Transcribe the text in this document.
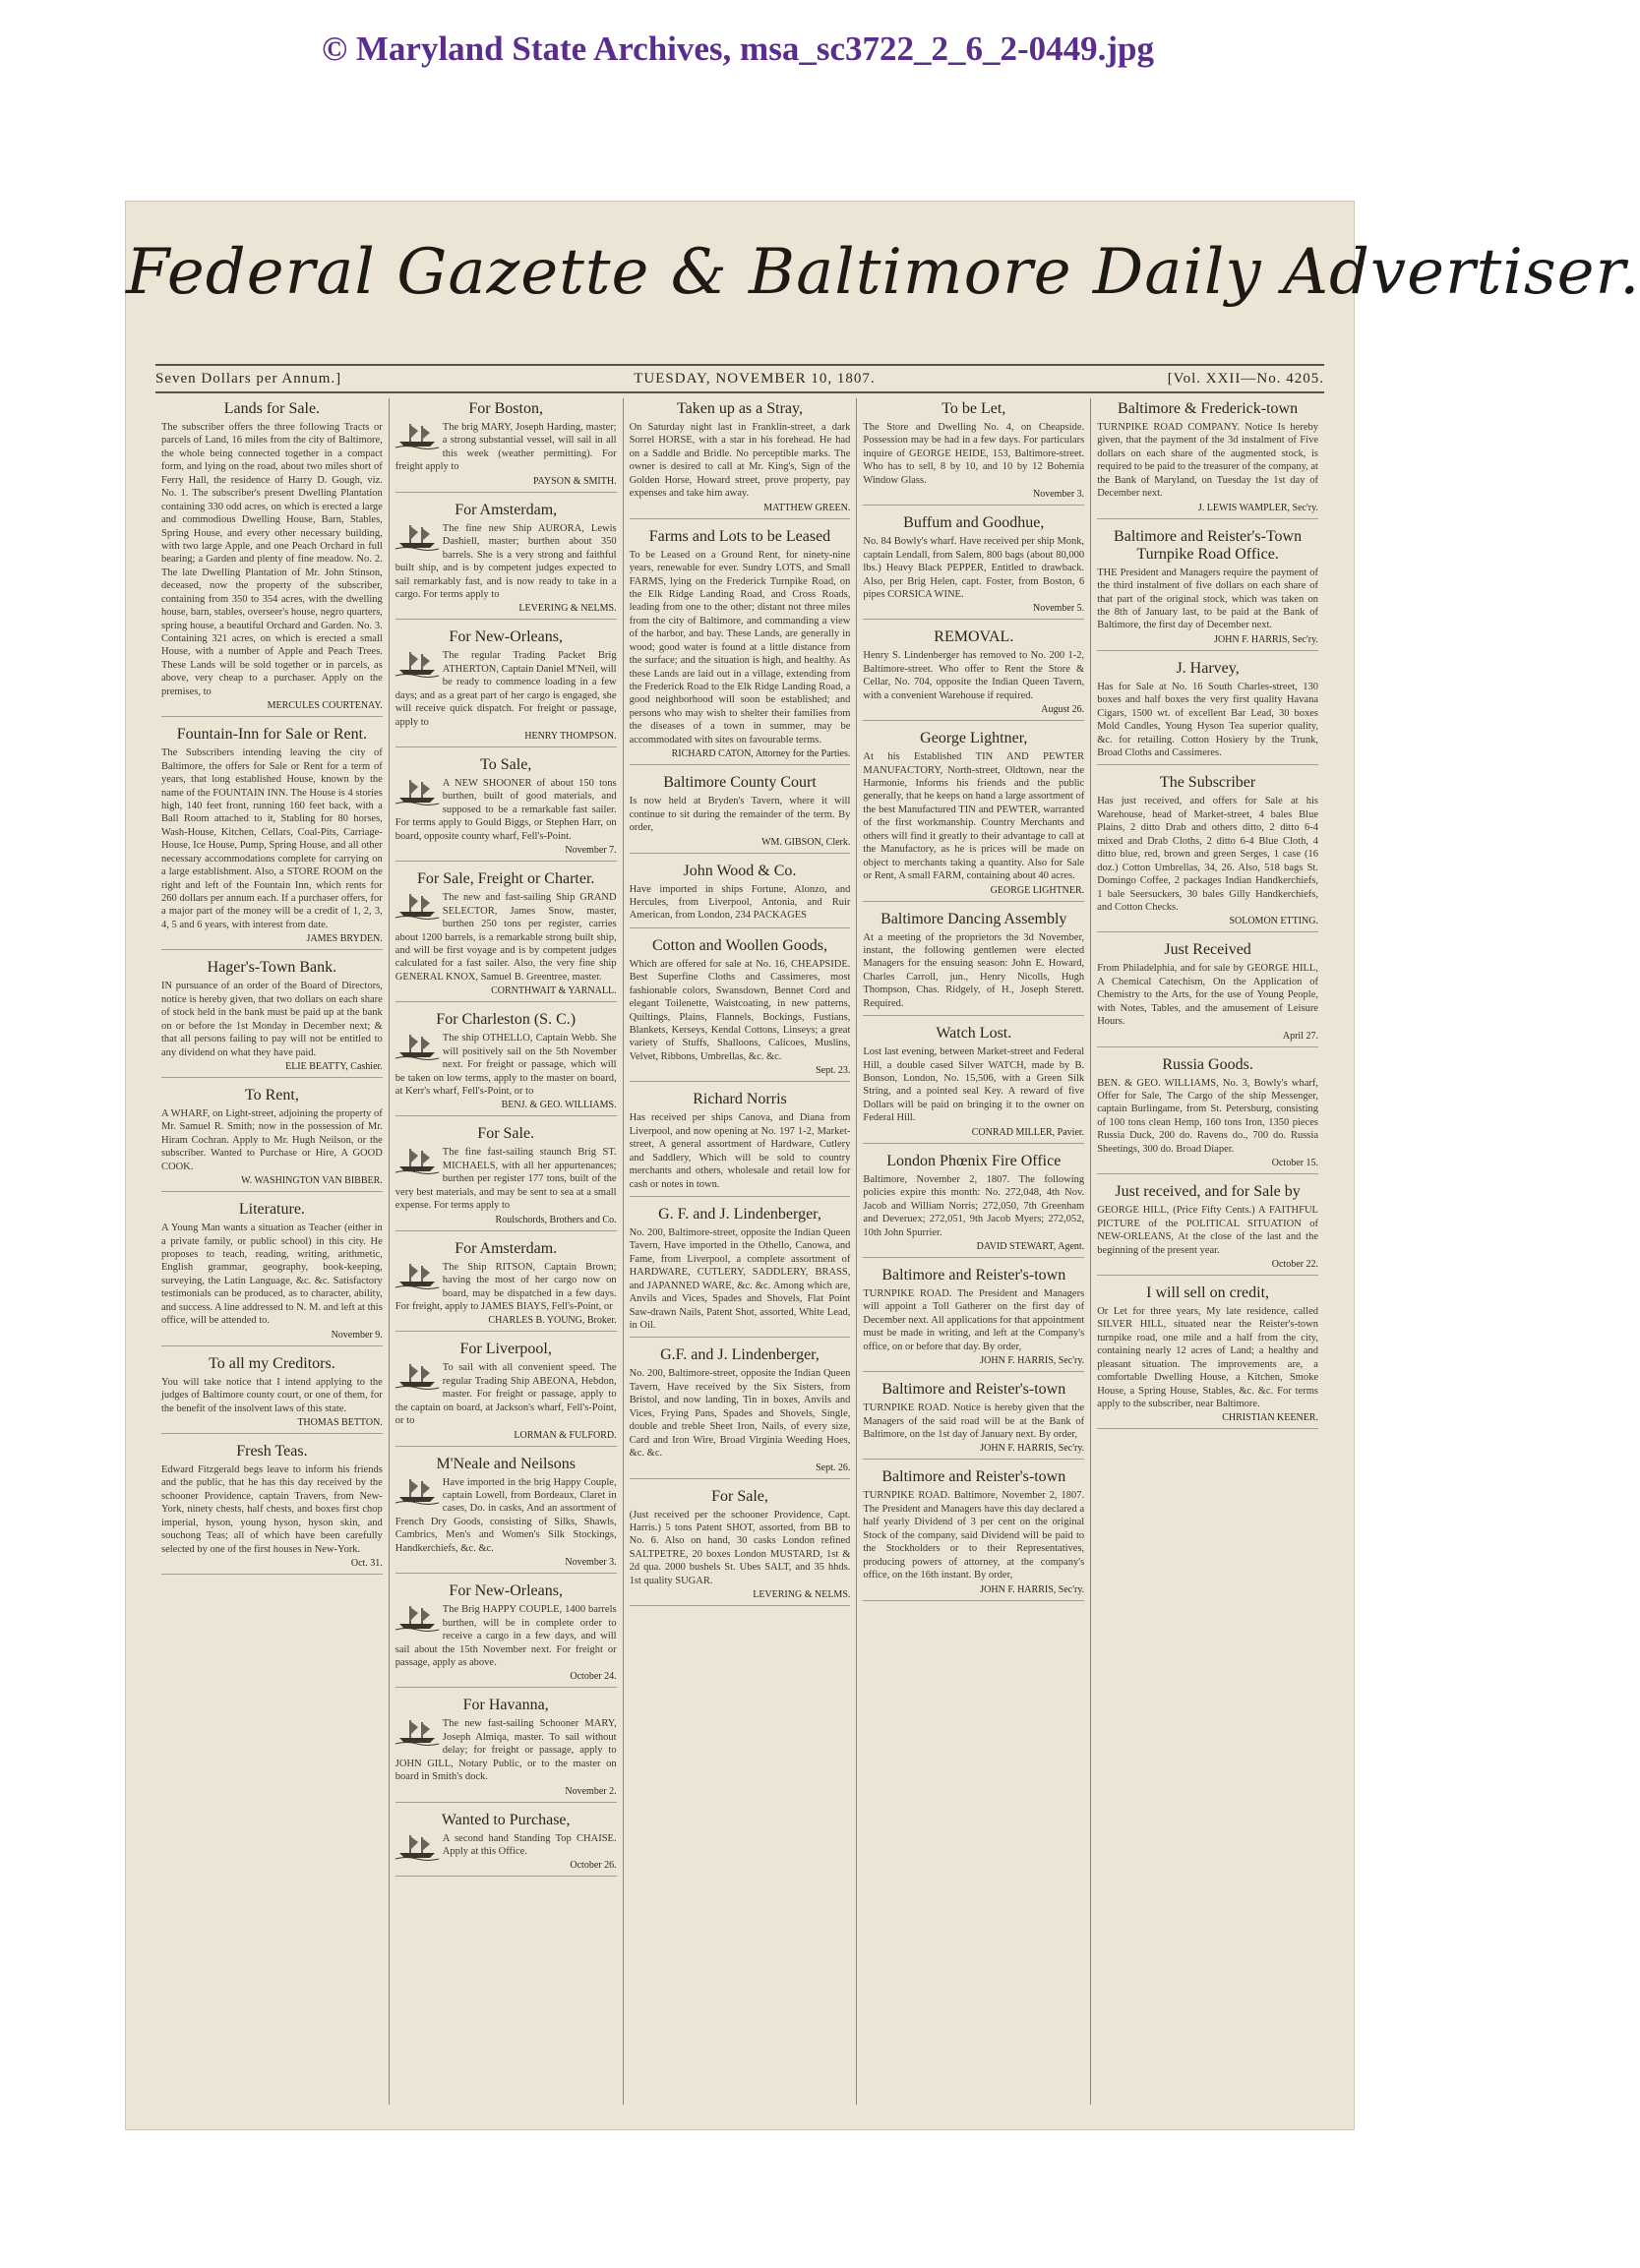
© Maryland State Archives, msa_sc3722_2_6_2-0449.jpg
Federal Gazette & Baltimore Daily Advertiser.
Seven Dollars per Annum.]	TUESDAY, NOVEMBER 10, 1807.	[Vol. XXII—No. 4205.
Lands for Sale.

The subscriber offers the three following Tracts or parcels of Land, 16 miles from the city of Baltimore, the whole being connected together in a compact form, and lying on the road, about two miles short of Ferry Hall, the residence of Harry D. Gough, viz. No. 1. The subscriber's present Dwelling Plantation containing 330 odd acres, on which is erected a large and commodious Dwelling House, Barn, Stables, Spring House, and every other necessary building, with two large Apple, and one Peach Orchard in full bearing; a Garden and plenty of fine meadow. No. 2. The late Dwelling Plantation of Mr. John Stinson, deceased, now the property of the subscriber, containing from 350 to 354 acres, with the dwelling house, barn, stables, overseer's house, negro quarters, spring house, a beautiful Orchard and Garden. No. 3. Containing 321 acres, on which is erected a small House, with a number of Apple and Peach Trees. These Lands will be sold together or in parcels, as above, very cheap to a purchaser. Apply on the premises, to

MERCULES COURTENAY.
Fountain-Inn for Sale or Rent.

The Subscribers intending leaving the city of Baltimore, the offers for Sale or Rent for a term of years, that long established House, known by the name of the FOUNTAIN INN. The House is 4 stories high, 140 feet front, running 160 feet back, with a Ball Room attached to it, Stabling for 80 horses, Wash-House, Kitchen, Cellars, Coal-Pits, Carriage-House, Ice House, Pump, Spring House, and all other necessary accommodations complete for carrying on a large establishment. Also, a STORE ROOM on the right and left of the Fountain Inn, which rents for 260 dollars per annum each. If a purchaser offers, for a major part of the money will be a credit of 1, 2, 3, 4, 5 and 6 years, with interest from date.

JAMES BRYDEN.
Hager's-Town Bank.

IN pursuance of an order of the Board of Directors, notice is hereby given, that two dollars on each share of stock held in the bank must be paid up at the bank on or before the 1st Monday in December next; & that all persons failing to pay will not be entitled to any dividend on what they have paid.

ELIE BEATTY, Cashier.
To Rent,

A WHARF, on Light-street, adjoining the property of Mr. Samuel R. Smith; now in the possession of Mr. Hiram Cochran. Apply to Mr. Hugh Neilson, or the subscriber. Wanted to Purchase or Hire, A GOOD COOK.

W. WASHINGTON VAN BIBBER.
Literature.

A Young Man wants a situation as Teacher (either in a private family, or public school) in this city. He proposes to teach, reading, writing, arithmetic, English grammar, geography, book-keeping, surveying, the Latin Language, &c. &c. Satisfactory testimonials can be produced, as to character, ability, and success. A line addressed to N. M. and left at this office, will be attended to.

November 9.
To all my Creditors.

You will take notice that I intend applying to the judges of Baltimore county court, or one of them, for the benefit of the insolvent laws of this state.

THOMAS BETTON.
Fresh Teas.

Edward Fitzgerald begs leave to inform his friends and the public, that he has this day received by the schooner Providence, captain Travers, from New-York, ninety chests, half chests, and boxes first chop imperial, hyson, young hyson, hyson skin, and souchong Teas; all of which have been carefully selected by one of the first houses in New-York.

Oct. 31.
For Boston,

The brig MARY, Joseph Harding, master; a strong substantial vessel, will sail in all this week (weather permitting). For freight apply to

PAYSON & SMITH.
For Amsterdam,

The fine new Ship AURORA, Lewis Dashiell, master; burthen about 350 barrels. She is a very strong and faithful built ship, and is by competent judges expected to sail remarkably fast, and is now ready to take in a cargo. For terms apply to

LEVERING & NELMS.
For New-Orleans,

The regular Trading Packet Brig ATHERTON, Captain Daniel M'Neil, will be ready to commence loading in a few days; and as a great part of her cargo is engaged, she will receive quick dispatch. For freight or passage, apply to

HENRY THOMPSON.
To Sale,

A NEW SHOONER of about 150 tons burthen, built of good materials, and supposed to be a remarkable fast sailer. For terms apply to Gould Biggs, or Stephen Harr, on board, opposite county wharf, Fell's-Point.

November 7.
For Sale, Freight or Charter.

The new and fast-sailing Ship GRAND SELECTOR, James Snow, master, burthen 250 tons per register, carries about 1200 barrels, is a remarkable strong built ship, and will be first voyage and is by competent judges calculated for a fast sailer. Also, the very fine ship GENERAL KNOX, Samuel B. Greentree, master.

CORNTHWAIT & YARNALL.
For Charleston (S. C.)

The ship OTHELLO, Captain Webb. She will positively sail on the 5th November next. For freight or passage, which will be taken on low terms, apply to the master on board, at Kerr's wharf, Fell's-Point, or to

BENJ. & GEO. WILLIAMS.
For Sale.

The fine fast-sailing staunch Brig ST. MICHAELS, with all her appurtenances; burthen per register 177 tons, built of the very best materials, and may be sent to sea at a small expense. For terms apply to

Roulschords, Brothers and Co.
For Amsterdam.

The Ship RITSON, Captain Brown; having the most of her cargo now on board, may be dispatched in a few days. For freight, apply to JAMES BIAYS, Fell's-Point, or

CHARLES B. YOUNG, Broker.
For Liverpool,

To sail with all convenient speed. The regular Trading Ship ABEONA, Hebdon, master. For freight or passage, apply to the captain on board, at Jackson's wharf, Fell's-Point, or to

LORMAN & FULFORD.
M'Neale and Neilsons

Have imported in the brig Happy Couple, captain Lowell, from Bordeaux, Claret in cases, Do. in casks, And an assortment of French Dry Goods, consisting of Silks, Shawls, Cambrics, Men's and Women's Silk Stockings, Handkerchiefs, &c. &c.

November 3.
For New-Orleans,

The Brig HAPPY COUPLE, 1400 barrels burthen, will be in complete order to receive a cargo in a few days, and will sail about the 15th November next. For freight or passage, apply as above.

October 24.
For Havanna,

The new fast-sailing Schooner MARY, Joseph Almiqa, master. To sail without delay; for freight or passage, apply to JOHN GILL, Notary Public, or to the master on board in Smith's dock.

November 2.
Wanted to Purchase,

A second hand Standing Top CHAISE. Apply at this Office.

October 26.
Taken up as a Stray,

On Saturday night last in Franklin-street, a dark Sorrel HORSE, with a star in his forehead. He had on a Saddle and Bridle. No perceptible marks. The owner is desired to call at Mr. King's, Sign of the Golden Horse, Howard street, prove property, pay expenses and take him away.

MATTHEW GREEN.
Farms and Lots to be Leased

To be Leased on a Ground Rent, for ninety-nine years, renewable for ever. Sundry LOTS, and Small FARMS, lying on the Frederick Turnpike Road, on the Elk Ridge Landing Road, and Cross Roads, leading from one to the other; distant not three miles from the city of Baltimore, and commanding a view of the harbor, and bay. These Lands, are generally in wood; good water is found at a little distance from the surface; and the situation is high, and healthy. As these Lands are laid out in a village, extending from the Frederick Road to the Elk Ridge Landing Road, a good neighborhood will soon be established; and persons who may wish to shelter their families from the diseases of a town in summer, may be accommodated with sites on favourable terms.

RICHARD CATON, Attorney for the Parties.
Baltimore County Court

Is now held at Bryden's Tavern, where it will continue to sit during the remainder of the term. By order,

WM. GIBSON, Clerk.
John Wood & Co.

Have imported in ships Fortune, Alonzo, and Hercules, from Liverpool, Antonia, and Ruir American, from London, 234 PACKAGES

Cotton and Woollen Goods,

Which are offered for sale at No. 16, CHEAPSIDE. Best Superfine Cloths and Cassimeres, most fashionable colors, Swansdown, Bennet Cord and elegant Toilenette, Waistcoating, in new patterns, Quiltings, Plains, Flannels, Bockings, Fustians, Blankets, Kerseys, Kendal Cottons, Linseys; a great variety of Stuffs, Shalloons, Calicoes, Muslins, Velvet, Ribbons, Umbrellas, &c. &c.

Sept. 23.
Richard Norris

Has received per ships Canova, and Diana from Liverpool, and now opening at No. 197 1-2, Market-street, A general assortment of Hardware, Cutlery and Saddlery, Which will be sold to country merchants and others, wholesale and retail low for cash or notes in town.

G. F. and J. Lindenberger,

No. 200, Baltimore-street, opposite the Indian Queen Tavern, Have imported in the Othello, Canowa, and Fame, from Liverpool, a complete assortment of HARDWARE, CUTLERY, SADDLERY, BRASS, and JAPANNED WARE, &c. &c. Among which are, Anvils and Vices, Spades and Shovels, Flat Point Saw-drawn Nails, Patent Shot, assorted, White Lead, in Oil.

G.F. and J. Lindenberger,

No. 200, Baltimore-street, opposite the Indian Queen Tavern, Have received by the Six Sisters, from Bristol, and now landing, Tin in boxes, Anvils and Vices, Frying Pans, Spades and Shovels, Single, double and treble Sheet Iron, Nails, of every size, Card and Iron Wire, Broad Virginia Weeding Hoes, &c. &c.

Sept. 26.
For Sale,

(Just received per the schooner Providence, Capt. Harris.) 5 tons Patent SHOT, assorted, from BB to No. 6. Also on hand, 30 casks London refined SALTPETRE, 20 boxes London MUSTARD, 1st & 2d qua. 2000 bushels St. Ubes SALT, and 35 hhds. 1st quality SUGAR.

LEVERING & NELMS.
To be Let,

The Store and Dwelling No. 4, on Cheapside. Possession may be had in a few days. For particulars inquire of GEORGE HEIDE, 153, Baltimore-street. Who has to sell, 8 by 10, and 10 by 12 Bohemia Window Glass.

November 3.
Buffum and Goodhue,

No. 84 Bowly's wharf. Have received per ship Monk, captain Lendall, from Salem, 800 bags (about 80,000 lbs.) Heavy Black PEPPER, Entitled to drawback. Also, per Brig Helen, capt. Foster, from Boston, 6 pipes CORSICA WINE.

November 5.
REMOVAL.

Henry S. Lindenberger has removed to No. 200 1-2, Baltimore-street. Who offer to Rent the Store & Cellar, No. 704, opposite the Indian Queen Tavern, with a convenient Warehouse if required.

August 26.
George Lightner,

At his Established TIN AND PEWTER MANUFACTORY, North-street, Oldtown, near the Harmonie, Informs his friends and the public generally, that he keeps on hand a large assortment of the best Manufactured TIN and PEWTER, warranted of the first workmanship. Country Merchants and others will find it greatly to their advantage to call at the Manufactory, as he is prices will be made on object to merchants taking a quantity. Also for Sale or Rent, A small FARM, containing about 40 acres.

GEORGE LIGHTNER.
Baltimore Dancing Assembly

At a meeting of the proprietors the 3d November, instant, the following gentlemen were elected Managers for the ensuing season: John E. Howard, Charles Carroll, jun., Henry Nicolls, Hugh Thompson, Chas. Ridgely, of H., Joseph Sterett. Required.

Watch Lost.

Lost last evening, between Market-street and Federal Hill, a double cased Silver WATCH, made by B. Bonson, London, No. 15,506, with a Green Silk String, and a pointed seal Key. A reward of five Dollars will be paid on bringing it to the owner on Federal Hill.

CONRAD MILLER, Pavier.
London Phœnix Fire Office

Baltimore, November 2, 1807. The following policies expire this month: No. 272,048, 4th Nov. Jacob and William Norris; 272,050, 7th Greenham and Deveruex; 272,051, 9th Jacob Myers; 272,052, 10th John Spurrier.

DAVID STEWART, Agent.
Baltimore and Reister's-town

TURNPIKE ROAD. The President and Managers will appoint a Toll Gatherer on the first day of December next. All applications for that appointment must be made in writing, and left at the Company's office, on or before that day. By order,

JOHN F. HARRIS, Sec'ry.
Baltimore and Reister's-town

TURNPIKE ROAD. Notice is hereby given that the Managers of the said road will be at the Bank of Baltimore, on the 1st day of January next. By order,

JOHN F. HARRIS, Sec'ry.
Baltimore and Reister's-town

TURNPIKE ROAD. Baltimore, November 2, 1807. The President and Managers have this day declared a half yearly Dividend of 3 per cent on the original Stock of the company, said Dividend will be paid to the Stockholders or to their Representatives, producing powers of attorney, at the company's office, on the 16th instant. By order,

JOHN F. HARRIS, Sec'ry.
Baltimore & Frederick-town

TURNPIKE ROAD COMPANY. Notice Is hereby given, that the payment of the 3d instalment of Five dollars on each share of the augmented stock, is required to be paid to the treasurer of the company, at the Bank of Maryland, on Tuesday the 1st day of December next.

J. LEWIS WAMPLER, Sec'ry.
Baltimore and Reister's-Town Turnpike Road Office.

THE President and Managers require the payment of the third instalment of five dollars on each share of that part of the original stock, which was taken on the 8th of January last, to be paid at the Bank of Baltimore, the first day of December next.

JOHN F. HARRIS, Sec'ry.
J. Harvey,

Has for Sale at No. 16 South Charles-street, 130 boxes and half boxes the very first quality Havana Cigars, 1500 wt. of excellent Bar Lead, 30 boxes Mold Candles, Young Hyson Tea superior quality, &c. for retailing. Cotton Hosiery by the Trunk, Broad Cloths and Cassimeres.

The Subscriber

Has just received, and offers for Sale at his Warehouse, head of Market-street, 4 bales Blue Plains, 2 ditto Drab and others ditto, 2 ditto 6-4 mixed and Drab Cloths, 2 ditto 6-4 Blue Cloth, 4 ditto blue, red, brown and green Serges, 1 case (16 doz.) Cotton Umbrellas, 34, 26. Also, 518 bags St. Domingo Coffee, 2 packages Indian Handkerchiefs, 1 bale Seersuckers, 30 bales Gilly Handkerchiefs, and Cotton Checks.

SOLOMON ETTING.
Just Received

From Philadelphia, and for sale by GEORGE HILL, A Chemical Catechism, On the Application of Chemistry to the Arts, for the use of Young People, with Notes, Tables, and the amusement of Leisure Hours.

April 27.
Russia Goods.

BEN. & GEO. WILLIAMS, No. 3, Bowly's wharf, Offer for Sale, The Cargo of the ship Messenger, captain Burlingame, from St. Petersburg, consisting of 100 tons clean Hemp, 160 tons Iron, 1350 pieces Russia Duck, 200 do. Ravens do., 700 do. Russia Sheetings, 300 do. Broad Diaper.

October 15.
Just received, and for Sale by

GEORGE HILL, (Price Fifty Cents.) A FAITHFUL PICTURE of the POLITICAL SITUATION of NEW-ORLEANS, At the close of the last and the beginning of the present year.

October 22.
I will sell on credit,

Or Let for three years, My late residence, called SILVER HILL, situated near the Reister's-town turnpike road, one mile and a half from the city, containing nearly 12 acres of Land; a healthy and pleasant situation. The improvements are, a comfortable Dwelling House, a Kitchen, Smoke House, a Spring House, Stables, &c. &c. For terms apply to the subscriber, near Baltimore.

CHRISTIAN KEENER.
